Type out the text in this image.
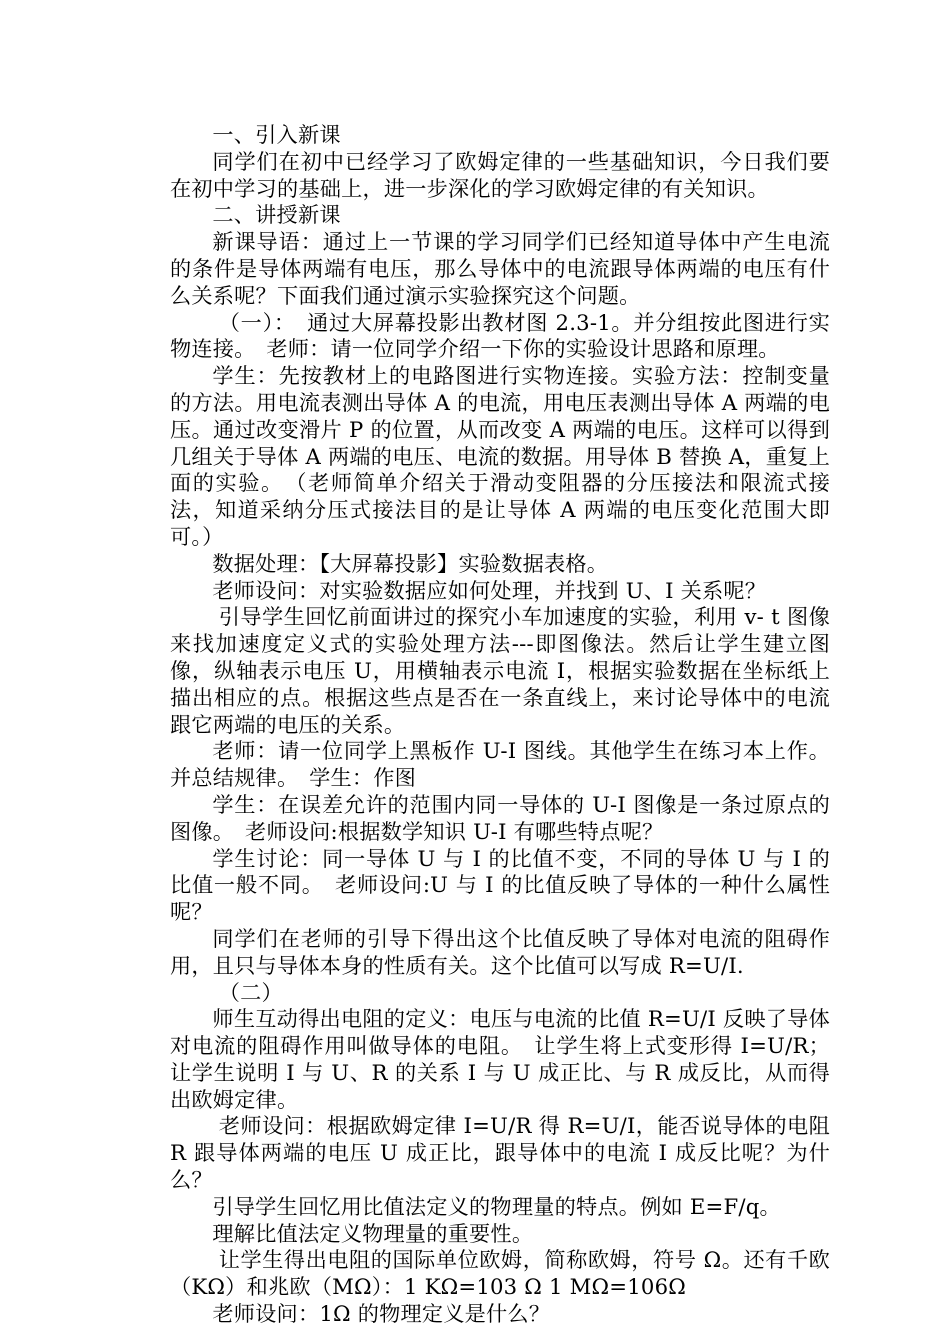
一、引入新课

同学们在初中已经学习了欧姆定律的一些基础知识，今日我们要在初中学习的基础上，进一步深化的学习欧姆定律的有关知识。

二、讲授新课

新课导语：通过上一节课的学习同学们已经知道导体中产生电流的条件是导体两端有电压，那么导体中的电流跟导体两端的电压有什么关系呢？下面我们通过演示实验探究这个问题。

（一）：　通过大屏幕投影出教材图 2.3-1。并分组按此图进行实物连接。　老师：请一位同学介绍一下你的实验设计思路和原理。

学生：先按教材上的电路图进行实物连接。实验方法：控制变量的方法。用电流表测出导体 A 的电流，用电压表测出导体 A 两端的电压。通过改变滑片 P 的位置，从而改变 A 两端的电压。这样可以得到几组关于导体 A 两端的电压、电流的数据。用导体 B 替换 A，重复上面的实验。　（老师简单介绍关于滑动变阻器的分压接法和限流式接法，知道采纳分压式接法目的是让导体 A 两端的电压变化范围大即可。）

数据处理：【大屏幕投影】实验数据表格。

老师设问：对实验数据应如何处理，并找到 U、I 关系呢？

引导学生回忆前面讲过的探究小车加速度的实验，利用 v- t 图像来找加速度定义式的实验处理方法---即图像法。然后让学生建立图像，纵轴表示电压 U，用横轴表示电流 I，根据实验数据在坐标纸上描出相应的点。根据这些点是否在一条直线上，来讨论导体中的电流跟它两端的电压的关系。

老师：请一位同学上黑板作 U-I 图线。其他学生在练习本上作。并总结规律。　学生：作图

学生：在误差允许的范围内同一导体的 U-I 图像是一条过原点的图像。　老师设问:根据数学知识 U-I 有哪些特点呢？

学生讨论：同一导体 U 与 I 的比值不变，不同的导体 U 与 I 的比值一般不同。　老师设问:U 与 I 的比值反映了导体的一种什么属性呢？

同学们在老师的引导下得出这个比值反映了导体对电流的阻碍作用，且只与导体本身的性质有关。这个比值可以写成 R=U/I.

（二）

师生互动得出电阻的定义：电压与电流的比值 R=U/I 反映了导体对电流的阻碍作用叫做导体的电阻。　让学生将上式变形得 I=U/R；让学生说明 I 与 U、R 的关系 I 与 U 成正比、与 R 成反比，从而得出欧姆定律。

老师设问：根据欧姆定律 I=U/R 得 R=U/I，能否说导体的电阻 R 跟导体两端的电压 U 成正比，跟导体中的电流 I 成反比呢？为什么？

引导学生回忆用比值法定义的物理量的特点。例如 E=F/q。

理解比值法定义物理量的重要性。

让学生得出电阻的国际单位欧姆，简称欧姆，符号 Ω。还有千欧（KΩ）和兆欧（MΩ）：1 KΩ=103 Ω 1 MΩ=106Ω

老师设问：1Ω 的物理定义是什么？
